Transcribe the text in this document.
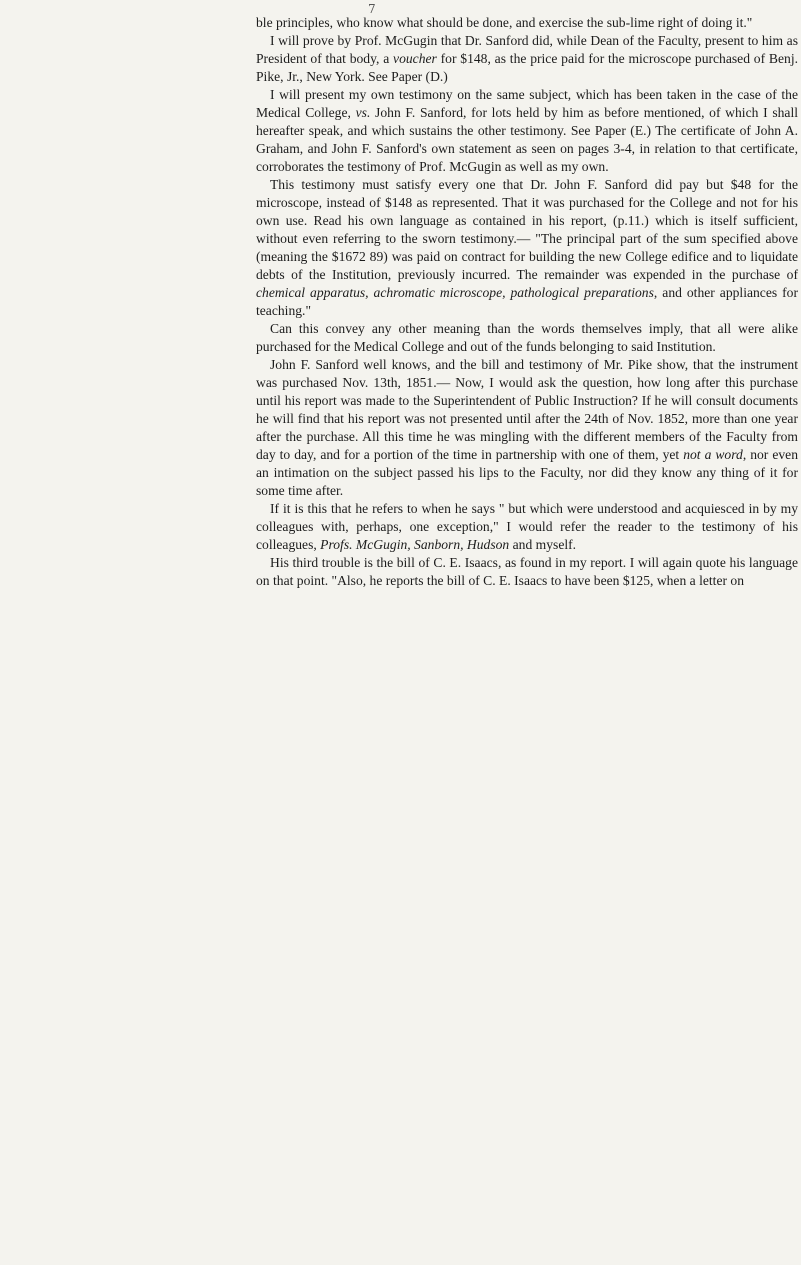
7

ble principles, who know what should be done, and exercise the sub-lime right of doing it."

I will prove by Prof. McGugin that Dr. Sanford did, while Dean of the Faculty, present to him as President of that body, a voucher for $148, as the price paid for the microscope purchased of Benj. Pike, Jr., New York. See Paper (D.)

I will present my own testimony on the same subject, which has been taken in the case of the Medical College, vs. John F. Sanford, for lots held by him as before mentioned, of which I shall hereafter speak, and which sustains the other testimony. See Paper (E.) The certificate of John A. Graham, and John F. Sanford's own statement as seen on pages 3-4, in relation to that certificate, corroborates the testimony of Prof. McGugin as well as my own.

This testimony must satisfy every one that Dr. John F. Sanford did pay but $48 for the microscope, instead of $148 as represented. That it was purchased for the College and not for his own use. Read his own language as contained in his report, (p.11.) which is itself sufficient, without even referring to the sworn testimony.— "The principal part of the sum specified above (meaning the $1672 89) was paid on contract for building the new College edifice and to liquidate debts of the Institution, previously incurred. The remainder was expended in the purchase of chemical apparatus, achromatic microscope, pathological preparations, and other appliances for teaching."

Can this convey any other meaning than the words themselves imply, that all were alike purchased for the Medical College and out of the funds belonging to said Institution.

John F. Sanford well knows, and the bill and testimony of Mr. Pike show, that the instrument was purchased Nov. 13th, 1851.— Now, I would ask the question, how long after this purchase until his report was made to the Superintendent of Public Instruction? If he will consult documents he will find that his report was not presented until after the 24th of Nov. 1852, more than one year after the purchase. All this time he was mingling with the different members of the Faculty from day to day, and for a portion of the time in partnership with one of them, yet not a word, nor even an intimation on the subject passed his lips to the Faculty, nor did they know any thing of it for some time after.

If it is this that he refers to when he says " but which were understood and acquiesced in by my colleagues with, perhaps, one exception," I would refer the reader to the testimony of his colleagues, Profs. McGugin, Sanborn, Hudson and myself.

His third trouble is the bill of C. E. Isaacs, as found in my report. I will again quote his language on that point. "Also, he reports the bill of C. E. Isaacs to have been $125, when a letter on
